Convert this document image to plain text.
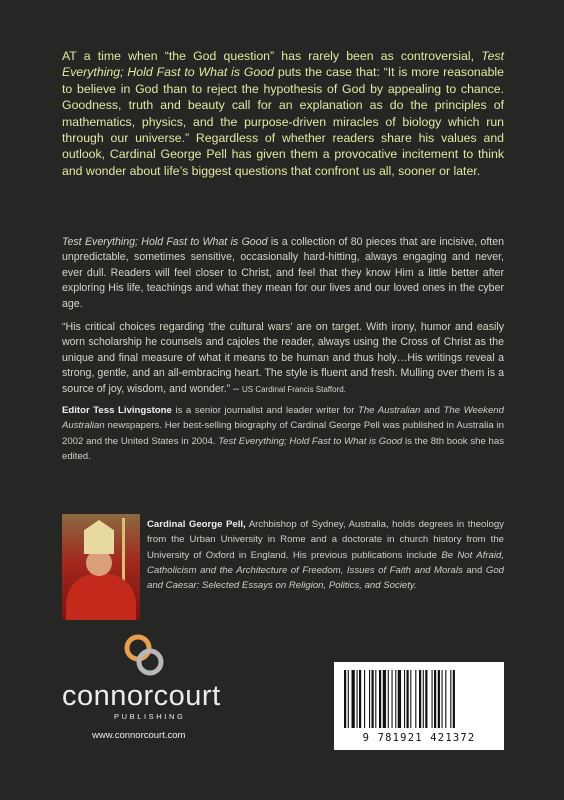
AT a time when “the God question” has rarely been as controversial, Test Everything; Hold Fast to What is Good puts the case that: “It is more reasonable to believe in God than to reject the hypothesis of God by appealing to chance. Goodness, truth and beauty call for an explanation as do the principles of mathematics, physics, and the purpose-driven miracles of biology which run through our universe.” Regardless of whether readers share his values and outlook, Cardinal George Pell has given them a provocative incitement to think and wonder about life’s biggest questions that confront us all, sooner or later.
Test Everything; Hold Fast to What is Good is a collection of 80 pieces that are incisive, often unpredictable, sometimes sensitive, occasionally hard-hitting, always engaging and never, ever dull. Readers will feel closer to Christ, and feel that they know Him a little better after exploring His life, teachings and what they mean for our lives and our loved ones in the cyber age.
“His critical choices regarding ‘the cultural wars’ are on target. With irony, humor and easily worn scholarship he counsels and cajoles the reader, always using the Cross of Christ as the unique and final measure of what it means to be human and thus holy…His writings reveal a strong, gentle, and an all-embracing heart. The style is fluent and fresh. Mulling over them is a source of joy, wisdom, and wonder.” – US Cardinal Francis Stafford.
Editor Tess Livingstone is a senior journalist and leader writer for The Australian and The Weekend Australian newspapers. Her best-selling biography of Cardinal George Pell was published in Australia in 2002 and the United States in 2004. Test Everything; Hold Fast to What is Good is the 8th book she has edited.
Cardinal George Pell, Archbishop of Sydney, Australia, holds degrees in theology from the Urban University in Rome and a doctorate in church history from the University of Oxford in England. His previous publications include Be Not Afraid, Catholicism and the Architecture of Freedom, Issues of Faith and Morals and God and Caesar: Selected Essays on Religion, Politics, and Society.
connorcourt
PUBLISHING
www.connorcourt.com	9 781921 421372
